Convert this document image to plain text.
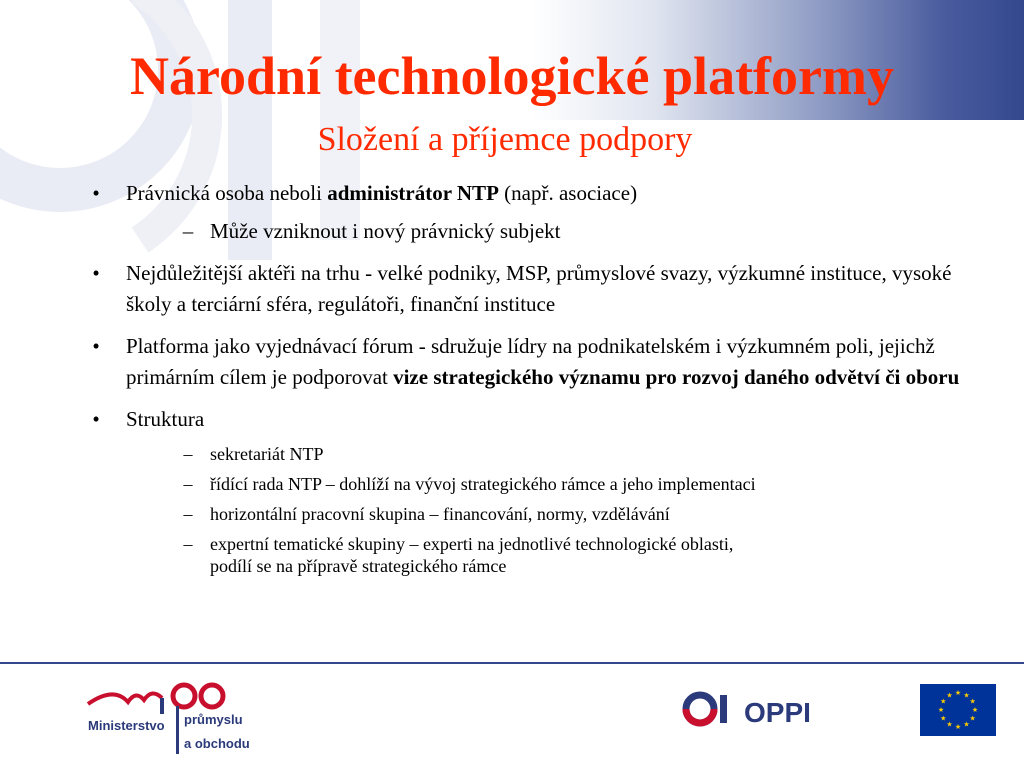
Národní technologické platformy
Složení a příjemce podpory
•	Právnická osoba neboli administrátor NTP (např. asociace)
– Může vzniknout i nový právnický subjekt
•	Nejdůležitější aktéři na trhu - velké podniky, MSP, průmyslové svazy, výzkumné instituce, vysoké školy a terciární sféra, regulátoři, finanční instituce
•	Platforma jako vyjednávací fórum - sdružuje lídry na podnikatelském i výzkumném poli, jejichž primárním cílem je podporovat vize strategického významu pro rozvoj daného odvětví či oboru
•	Struktura
– sekretariát NTP
– řídící rada NTP – dohlíží na vývoj strategického rámce a jeho implementaci
– horizontální pracovní skupina – financování, normy, vzdělávání
– expertní tematické skupiny – experti na jednotlivé technologické oblasti,
podílí se na přípravě strategického rámce
Ministerstvo průmyslu
a obchodu
OPPI
★ ★
★
★
★
★
★
★
★
★
★
★
